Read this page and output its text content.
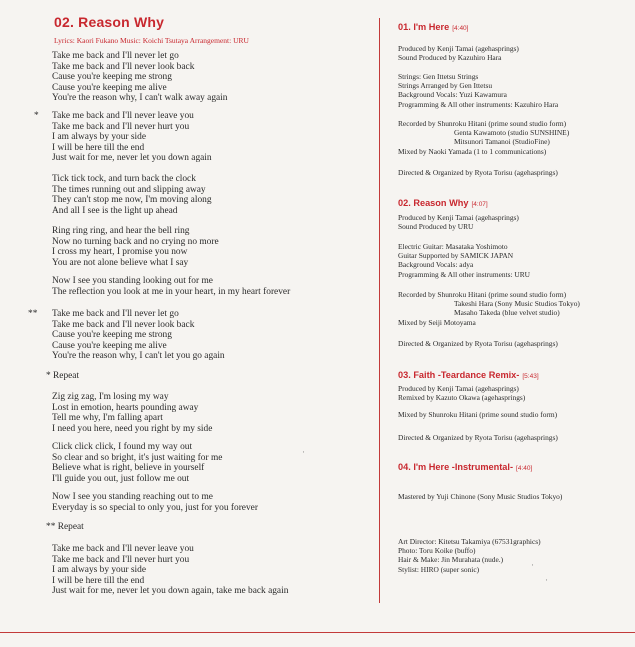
02. Reason Why

Lyrics: Kaori Fukano Music: Koichi Tsutaya Arrangement: URU

Take me back and I'll never let go
Take me back and I'll never look back
Cause you're keeping me strong
Cause you're keeping me alive
You're the reason why, I can't walk away again
* Take me back and I'll never leave you
Take me back and I'll never hurt you
I am always by your side
I will be here till the end
Just wait for me, never let you down again
Tick tick tock, and turn back the clock
The times running out and slipping away
They can't stop me now, I'm moving along
And all I see is the light up ahead
Ring ring ring, and hear the bell ring
Now no turning back and no crying no more
I cross my heart, I promise you now
You are not alone believe what I say
Now I see you standing looking out for me
The reflection you look at me in your heart, in my heart forever
** Take me back and I'll never let go
Take me back and I'll never look back
Cause you're keeping me strong
Cause you're keeping me alive
You're the reason why, I can't let you go again
* Repeat
Zig zig zag, I'm losing my way
Lost in emotion, hearts pounding away
Tell me why, I'm falling apart
I need you here, need you right by my side
Click click click, I found my way out
So clear and so bright, it's just waiting for me
Believe what is right, believe in yourself
I'll guide you out, just follow me out
Now I see you standing reaching out to me
Everyday is so special to only you, just for you forever
** Repeat
Take me back and I'll never leave you
Take me back and I'll never hurt you
I am always by your side
I will be here till the end
Just wait for me, never let you down again, take me back again
01. I'm Here [4:40]
Produced by Kenji Tamai (agehasprings)
Sound Produced by Kazuhiro Hara
Strings: Gen Ittetsu Strings
Strings Arranged by Gen Ittetsu
Background Vocals: Yuzi Kawamura
Programming & All other instruments: Kazuhiro Hara
Recorded by Shunroku Hitani (prime sound studio form)
Genta Kawamoto (studio SUNSHINE)
Mitsunori Tamanoi (StudioFine)
Mixed by Naoki Yamada (1 to 1 communications)
Directed & Organized by Ryota Torisu (agehasprings)
02. Reason Why [4:07]
Produced by Kenji Tamai (agehasprings)
Sound Produced by URU
Electric Guitar: Masataka Yoshimoto
Guitar Supported by SAMICK JAPAN
Background Vocals: adya
Programming & All other instruments: URU
Recorded by Shunroku Hitani (prime sound studio form)
Takeshi Hara (Sony Music Studios Tokyo)
Masaho Takeda (blue velvet studio)
Mixed by Seiji Motoyama
Directed & Organized by Ryota Torisu (agehasprings)
03. Faith -Teardance Remix- [5:43]
Produced by Kenji Tamai (agehasprings)
Remixed by Kazuto Okawa (agehasprings)
Mixed by Shunroku Hitani (prime sound studio form)
Directed & Organized by Ryota Torisu (agehasprings)
04. I'm Here -Instrumental- [4:40]
Mastered by Yuji Chinone (Sony Music Studios Tokyo)
Art Director: Kitetsu Takamiya (67531graphics)
Photo: Toru Koike (buffo)
Hair & Make: Jin Murahata (nude.)
Stylist: HIRO (super sonic)
·
·
·
